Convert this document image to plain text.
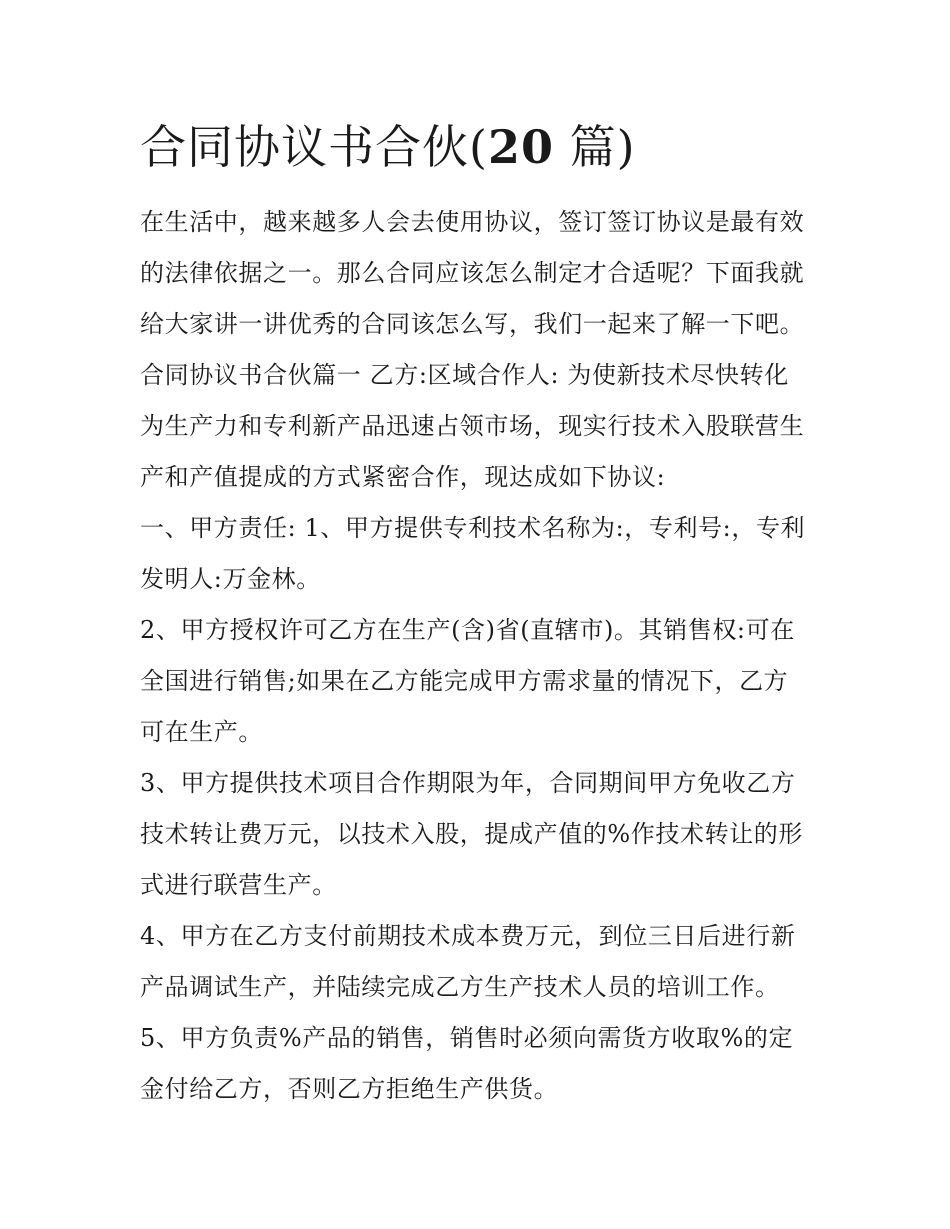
合同协议书合伙(20 篇)
在生活中，越来越多人会去使用协议，签订签订协议是最有效
的法律依据之一。那么合同应该怎么制定才合适呢？下面我就
给大家讲一讲优秀的合同该怎么写，我们一起来了解一下吧。
合同协议书合伙篇一 乙方:区域合作人: 为使新技术尽快转化
为生产力和专利新产品迅速占领市场，现实行技术入股联营生
产和产值提成的方式紧密合作，现达成如下协议:
一、甲方责任: 1、甲方提供专利技术名称为:，专利号:，专利
发明人:万金林。
2、甲方授权许可乙方在生产(含)省(直辖市)。其销售权:可在
全国进行销售;如果在乙方能完成甲方需求量的情况下，乙方
可在生产。
3、甲方提供技术项目合作期限为年，合同期间甲方免收乙方
技术转让费万元，以技术入股，提成产值的%作技术转让的形
式进行联营生产。
4、甲方在乙方支付前期技术成本费万元，到位三日后进行新
产品调试生产，并陆续完成乙方生产技术人员的培训工作。
5、甲方负责%产品的销售，销售时必须向需货方收取%的定
金付给乙方，否则乙方拒绝生产供货。
